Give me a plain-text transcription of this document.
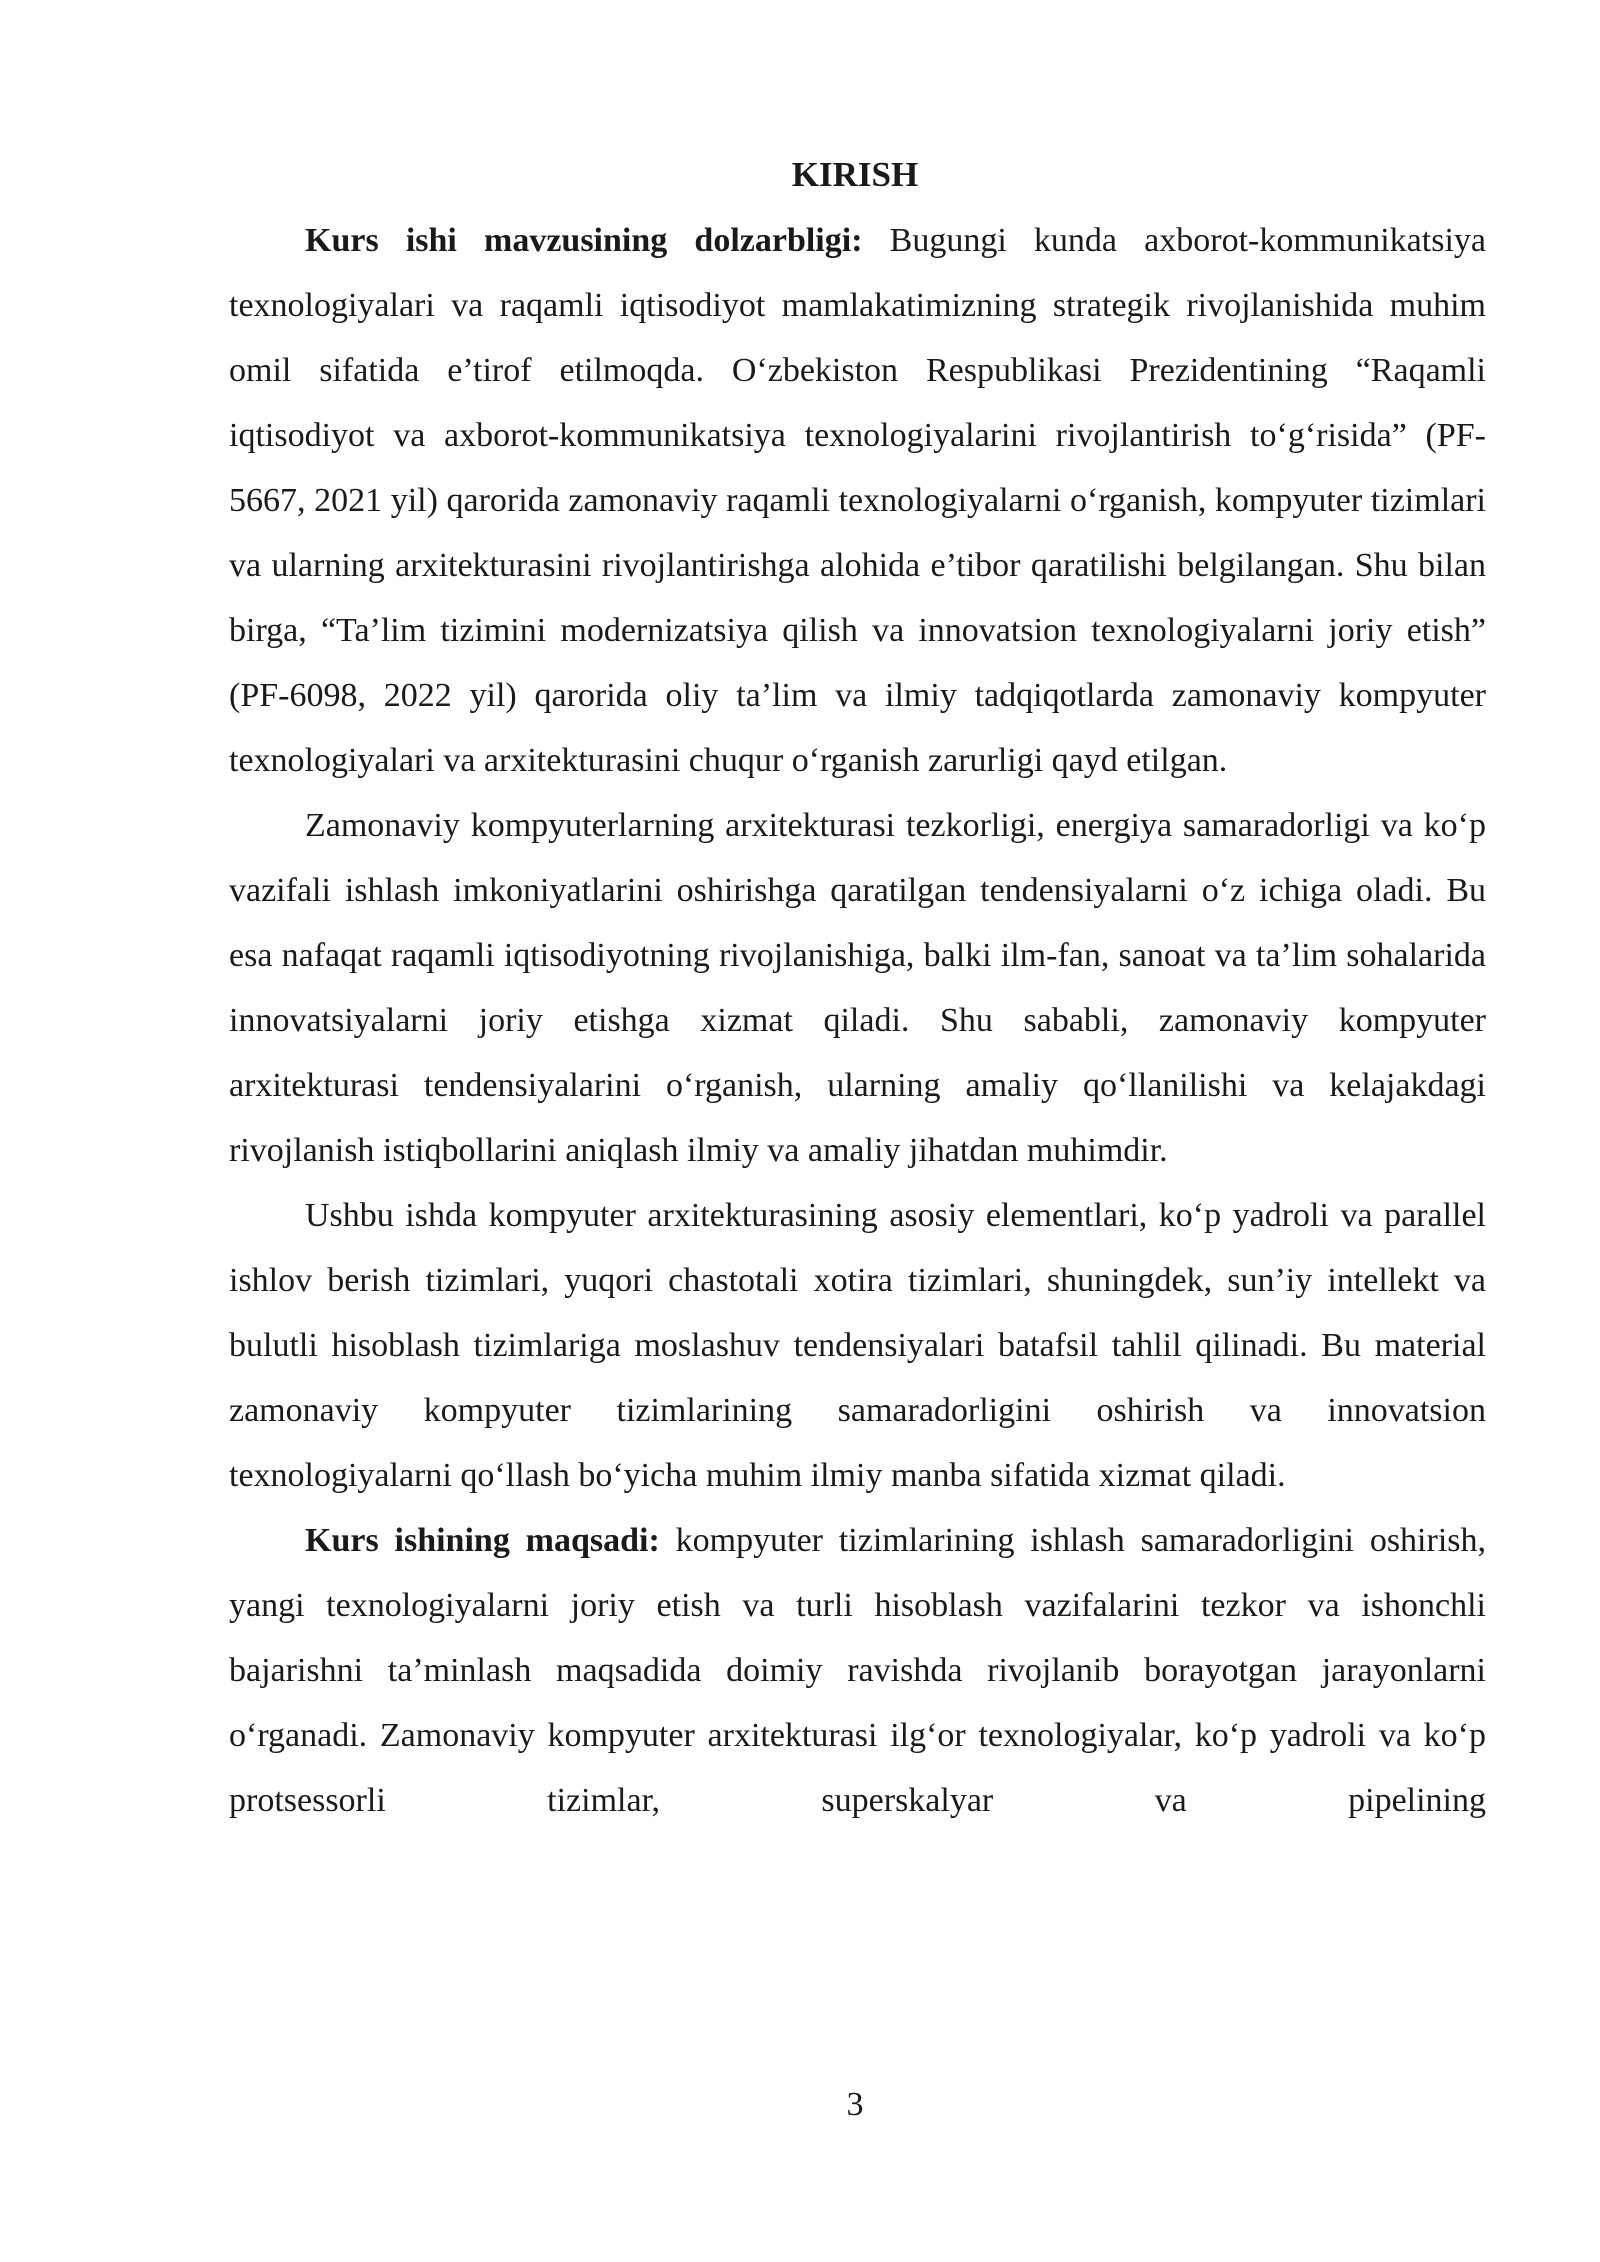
KIRISH

Kurs ishi mavzusining dolzarbligi: Bugungi kunda axborot-kommunikatsiya texnologiyalari va raqamli iqtisodiyot mamlakatimizning strategik rivojlanishida muhim omil sifatida e’tirof etilmoqda. O‘zbekiston Respublikasi Prezidentining “Raqamli iqtisodiyot va axborot-kommunikatsiya texnologiyalarini rivojlantirish to‘g‘risida” (PF-5667, 2021 yil) qarorida zamonaviy raqamli texnologiyalarni o‘rganish, kompyuter tizimlari va ularning arxitekturasini rivojlantirishga alohida e’tibor qaratilishi belgilangan. Shu bilan birga, “Ta’lim tizimini modernizatsiya qilish va innovatsion texnologiyalarni joriy etish” (PF-6098, 2022 yil) qarorida oliy ta’lim va ilmiy tadqiqotlarda zamonaviy kompyuter texnologiyalari va arxitekturasini chuqur o‘rganish zarurligi qayd etilgan.

Zamonaviy kompyuterlarning arxitekturasi tezkorligi, energiya samaradorligi va ko‘p vazifali ishlash imkoniyatlarini oshirishga qaratilgan tendensiyalarni o‘z ichiga oladi. Bu esa nafaqat raqamli iqtisodiyotning rivojlanishiga, balki ilm-fan, sanoat va ta’lim sohalarida innovatsiyalarni joriy etishga xizmat qiladi. Shu sababli, zamonaviy kompyuter arxitekturasi tendensiyalarini o‘rganish, ularning amaliy qo‘llanilishi va kelajakdagi rivojlanish istiqbollarini aniqlash ilmiy va amaliy jihatdan muhimdir.

Ushbu ishda kompyuter arxitekturasining asosiy elementlari, ko‘p yadroli va parallel ishlov berish tizimlari, yuqori chastotali xotira tizimlari, shuningdek, sun’iy intellekt va bulutli hisoblash tizimlariga moslashuv tendensiyalari batafsil tahlil qilinadi. Bu material zamonaviy kompyuter tizimlarining samaradorligini oshirish va innovatsion texnologiyalarni qo‘llash bo‘yicha muhim ilmiy manba sifatida xizmat qiladi.

Kurs ishining maqsadi: kompyuter tizimlarining ishlash samaradorligini oshirish, yangi texnologiyalarni joriy etish va turli hisoblash vazifalarini tezkor va ishonchli bajarishni ta’minlash maqsadida doimiy ravishda rivojlanib borayotgan jarayonlarni o‘rganadi. Zamonaviy kompyuter arxitekturasi ilg‘or texnologiyalar, ko‘p yadroli va ko‘p protsessorli tizimlar, superskalyar va pipelining

3
